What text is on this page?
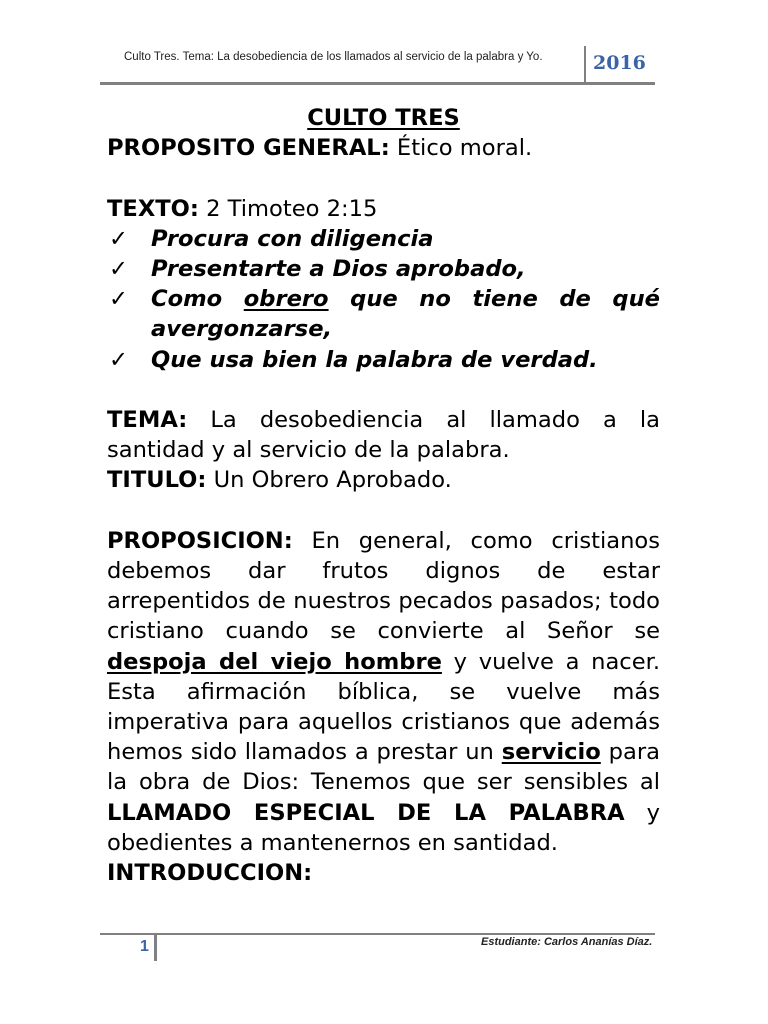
Culto Tres. Tema: La desobediencia de los llamados al servicio de la palabra y Yo.	2016

CULTO TRES

PROPOSITO GENERAL: Ético moral.

TEXTO: 2 Timoteo 2:15

✓ Procura con diligencia
✓ Presentarte a Dios aprobado,
✓ Como obrero que no tiene de qué avergonzarse,
✓ Que usa bien la palabra de verdad.

TEMA: La desobediencia al llamado a la santidad y al servicio de la palabra.

TITULO: Un Obrero Aprobado.

PROPOSICION: En general, como cristianos debemos dar frutos dignos de estar arrepentidos de nuestros pecados pasados; todo cristiano cuando se convierte al Señor se despoja del viejo hombre y vuelve a nacer. Esta afirmación bíblica, se vuelve más imperativa para aquellos cristianos que además hemos sido llamados a prestar un servicio para la obra de Dios: Tenemos que ser sensibles al LLAMADO ESPECIAL DE LA PALABRA y obedientes a mantenernos en santidad.

INTRODUCCION:

1	Estudiante: Carlos Ananías Díaz.
